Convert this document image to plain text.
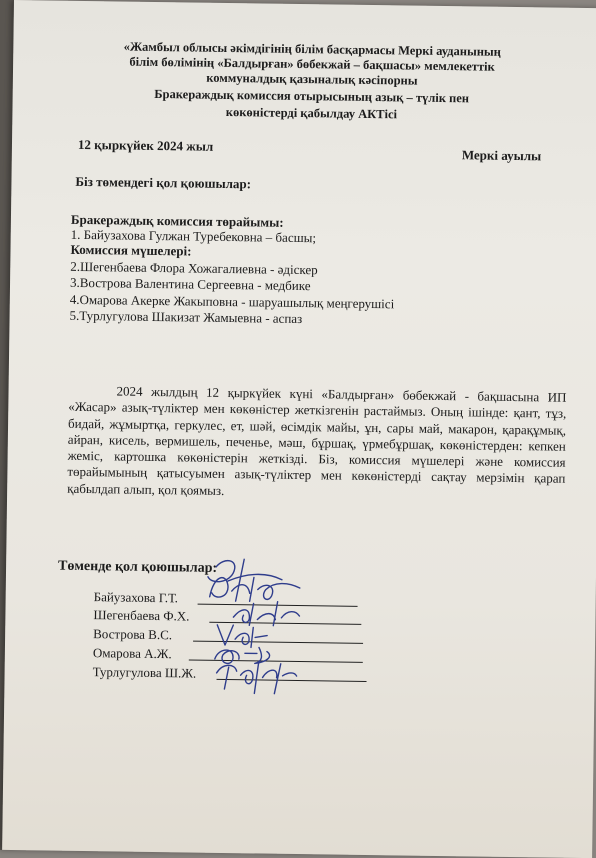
«Жамбыл облысы әкімдігінің білім басқармасы Меркі ауданының
білім бөлімінің «Балдырған» бөбекжай – бақшасы» мемлекеттік
коммуналдық қазыналық кәсіпорны
Бракераждық комиссия отырысының азық – түлік пен
көкөністерді қабылдау АКТісі
12 қыркүйек 2024 жыл
Меркі ауылы
Біз төмендегі қол қоюшылар:
Бракераждық комиссия төрайымы:
1. Байузахова Гулжан Туребековна – басшы;
Комиссия мүшелері:
2.Шегенбаева Флора Хожагалиевна - әдіскер
3.Вострова Валентина Сергеевна - медбике
4.Омарова Акерке Жакыповна - шаруашылық меңгерушісі
5.Турлугулова Шакизат Жамыевна - аспаз

2024 жылдың 12 қыркүйек күні «Балдырған» бөбекжай - бақшасына ИП «Жасар» азық-түліктер мен көкөністер жеткізгенін растаймыз. Оның ішінде: қант, тұз, бидай, жұмыртқа, геркулес, ет, шәй, өсімдік майы, ұн, сары май, макарон, қарақұмық, айран, кисель, вермишель, печенье, мәш, бұршақ, үрмебұршақ, көкөністерден: кепкен жеміс, картошка көкөністерін жеткізді. Біз, комиссия мүшелері және комиссия төрайымының қатысуымен азық-түліктер мен көкөністерді сақтау мерзімін қарап қабылдап алып, қол қоямыз.

Төменде қол қоюшылар:
Байузахова Г.Т.
Шегенбаева Ф.Х.
Вострова В.С.
Омарова А.Ж.
Турлугулова Ш.Ж.
